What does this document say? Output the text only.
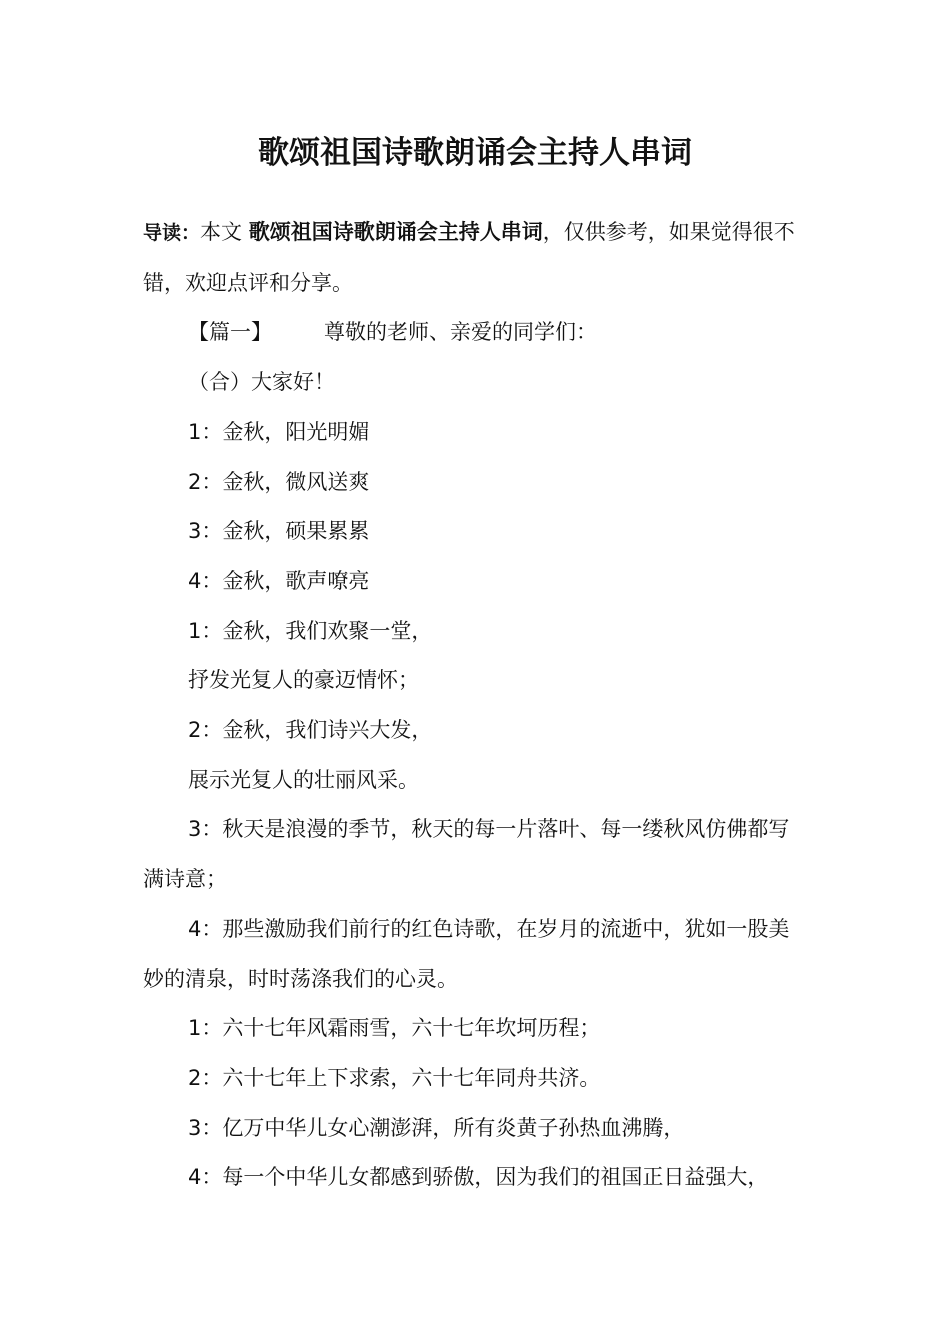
歌颂祖国诗歌朗诵会主持人串词

导读：本文 歌颂祖国诗歌朗诵会主持人串词，仅供参考，如果觉得很不错，欢迎点评和分享。

【篇一】 尊敬的老师、亲爱的同学们：

（合）大家好！

1：金秋，阳光明媚

2：金秋，微风送爽

3：金秋，硕果累累

4：金秋，歌声嘹亮

1：金秋，我们欢聚一堂，

抒发光复人的豪迈情怀；

2：金秋，我们诗兴大发，

展示光复人的壮丽风采。

3：秋天是浪漫的季节，秋天的每一片落叶、每一缕秋风仿佛都写满诗意；

4：那些激励我们前行的红色诗歌，在岁月的流逝中，犹如一股美妙的清泉，时时荡涤我们的心灵。

1：六十七年风霜雨雪，六十七年坎坷历程；

2：六十七年上下求索，六十七年同舟共济。

3：亿万中华儿女心潮澎湃，所有炎黄子孙热血沸腾，

4：每一个中华儿女都感到骄傲，因为我们的祖国正日益强大，
